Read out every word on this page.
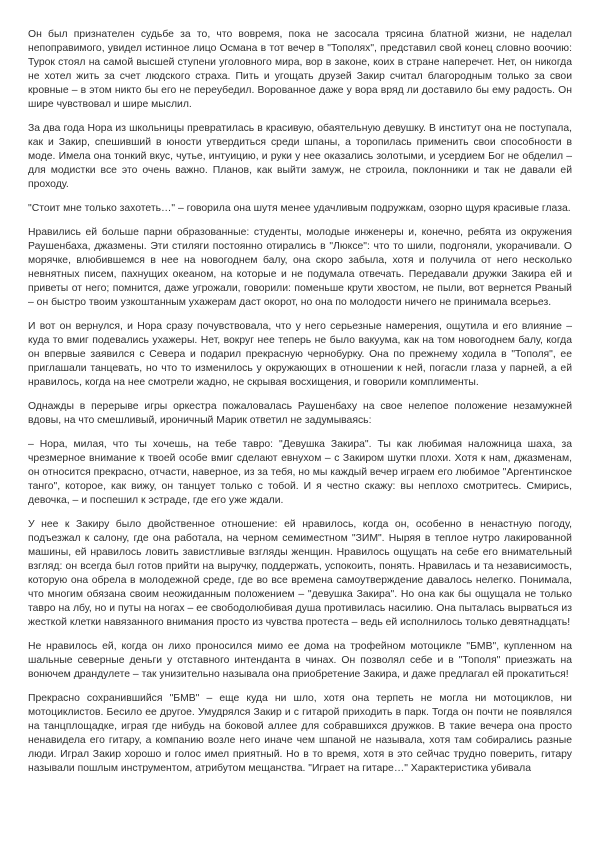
Он был признателен судьбе за то, что вовремя, пока не засосала трясина блатной жизни, не наделал непоправимого, увидел истинное лицо Османа в тот вечер в "Тополях", представил свой конец словно воочию: Турок стоял на самой высшей ступени уголовного мира, вор в законе, коих в стране наперечет. Нет, он никогда не хотел жить за счет людского страха. Пить и угощать друзей Закир считал благородным только за свои кровные – в этом никто бы его не переубедил. Ворованное даже у вора вряд ли доставило бы ему радость. Он шире чувствовал и шире мыслил.

За два года Нора из школьницы превратилась в красивую, обаятельную девушку. В институт она не поступала, как и Закир, спешивший в юности утвердиться среди шпаны, а торопилась применить свои способности в моде. Имела она тонкий вкус, чутье, интуицию, и руки у нее оказались золотыми, и усердием Бог не обделил – для модистки все это очень важно. Планов, как выйти замуж, не строила, поклонники и так не давали ей проходу.

"Стоит мне только захотеть…" – говорила она шутя менее удачливым подружкам, озорно щуря красивые глаза.

Нравились ей больше парни образованные: студенты, молодые инженеры и, конечно, ребята из окружения Раушенбаха, джазмены. Эти стиляги постоянно отирались в "Люксе": что то шили, подгоняли, укорачивали. О морячке, влюбившемся в нее на новогоднем балу, она скоро забыла, хотя и получила от него несколько невнятных писем, пахнущих океаном, на которые и не подумала отвечать. Передавали дружки Закира ей и приветы от него; помнится, даже угрожали, говорили: поменьше крути хвостом, не пыли, вот вернется Рваный – он быстро твоим узкоштанным ухажерам даст окорот, но она по молодости ничего не принимала всерьез.

И вот он вернулся, и Нора сразу почувствовала, что у него серьезные намерения, ощутила и его влияние – куда то вмиг подевались ухажеры. Нет, вокруг нее теперь не было вакуума, как на том новогоднем балу, когда он впервые заявился с Севера и подарил прекрасную чернобурку. Она по прежнему ходила в "Тополя", ее приглашали танцевать, но что то изменилось у окружающих в отношении к ней, погасли глаза у парней, а ей нравилось, когда на нее смотрели жадно, не скрывая восхищения, и говорили комплименты.

Однажды в перерыве игры оркестра пожаловалась Раушенбаху на свое нелепое положение незамужней вдовы, на что смешливый, ироничный Марик ответил не задумываясь:

– Нора, милая, что ты хочешь, на тебе тавро: "Девушка Закира". Ты как любимая наложница шаха, за чрезмерное внимание к твоей особе вмиг сделают евнухом – с Закиром шутки плохи. Хотя к нам, джазменам, он относится прекрасно, отчасти, наверное, из за тебя, но мы каждый вечер играем его любимое "Аргентинское танго", которое, как вижу, он танцует только с тобой. И я честно скажу: вы неплохо смотритесь. Смирись, девочка, – и поспешил к эстраде, где его уже ждали.

У нее к Закиру было двойственное отношение: ей нравилось, когда он, особенно в ненастную погоду, подъезжал к салону, где она работала, на черном семиместном "ЗИМ". Ныряя в теплое нутро лакированной машины, ей нравилось ловить завистливые взгляды женщин. Нравилось ощущать на себе его внимательный взгляд: он всегда был готов прийти на выручку, поддержать, успокоить, понять. Нравилась и та независимость, которую она обрела в молодежной среде, где во все времена самоутверждение давалось нелегко. Понимала, что многим обязана своим неожиданным положением – "девушка Закира". Но она как бы ощущала не только тавро на лбу, но и путы на ногах – ее свободолюбивая душа противилась насилию. Она пыталась вырваться из жесткой клетки навязанного внимания просто из чувства протеста – ведь ей исполнилось только девятнадцать!

Не нравилось ей, когда он лихо проносился мимо ее дома на трофейном мотоцикле "БМВ", купленном на шальные северные деньги у отставного интенданта в чинах. Он позволял себе и в "Тополя" приезжать на вонючем драндулете – так унизительно называла она приобретение Закира, и даже предлагал ей прокатиться!

Прекрасно сохранившийся "БМВ" – еще куда ни шло, хотя она терпеть не могла ни мотоциклов, ни мотоциклистов. Бесило ее другое. Умудрялся Закир и с гитарой приходить в парк. Тогда он почти не появлялся на танцплощадке, играя где нибудь на боковой аллее для собравшихся дружков. В такие вечера она просто ненавидела его гитару, а компанию возле него иначе чем шпаной не называла, хотя там собирались разные люди. Играл Закир хорошо и голос имел приятный. Но в то время, хотя в это сейчас трудно поверить, гитару называли пошлым инструментом, атрибутом мещанства. "Играет на гитаре…" Характеристика убивала
